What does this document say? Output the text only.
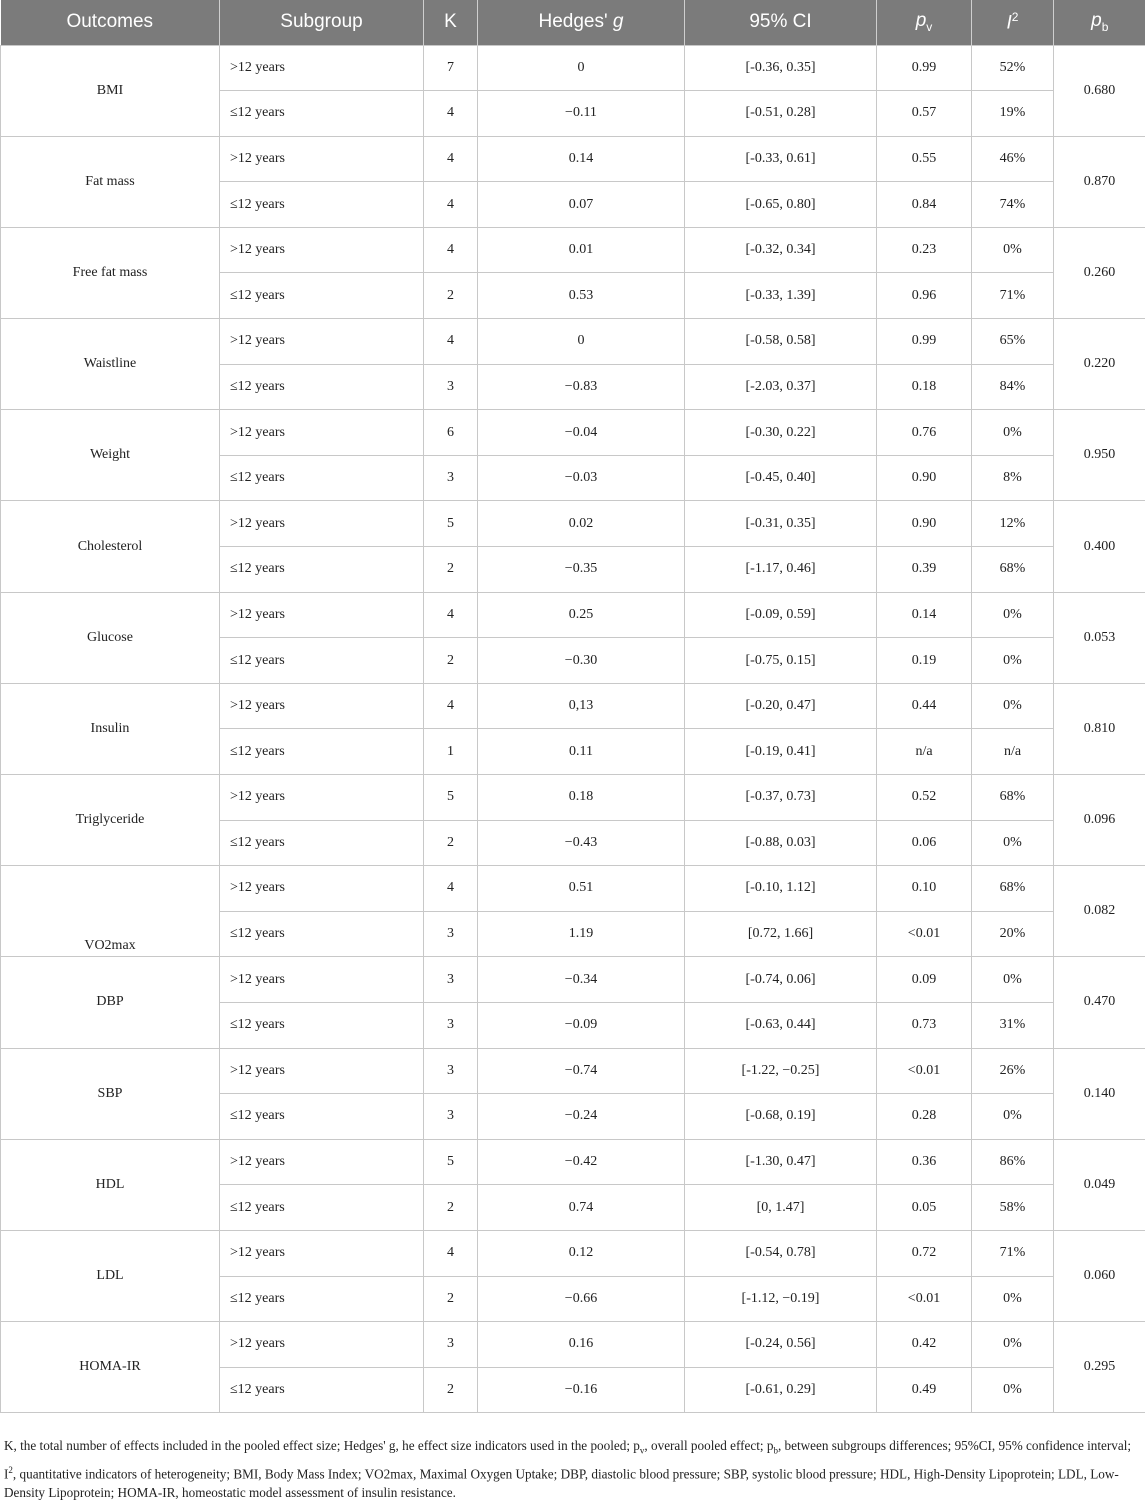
Outcomes	Subgroup	K	Hedges' g	95% CI	$p_v$	$I^2$	$p_b$
BMI	>12 years	7	0	[-0.36, 0.35]	0.99	52%	0.680
	≤12 years	4	−0.11	[-0.51, 0.28]	0.57	19%	
Fat mass	>12 years	4	0.14	[-0.33, 0.61]	0.55	46%	0.870
	≤12 years	4	0.07	[-0.65, 0.80]	0.84	74%	
Free fat mass	>12 years	4	0.01	[-0.32, 0.34]	0.23	0%	0.260
	≤12 years	2	0.53	[-0.33, 1.39]	0.96	71%	
Waistline	>12 years	4	0	[-0.58, 0.58]	0.99	65%	0.220
	≤12 years	3	−0.83	[-2.03, 0.37]	0.18	84%	
Weight	>12 years	6	−0.04	[-0.30, 0.22]	0.76	0%	0.950
	≤12 years	3	−0.03	[-0.45, 0.40]	0.90	8%	
Cholesterol	>12 years	5	0.02	[-0.31, 0.35]	0.90	12%	0.400
	≤12 years	2	−0.35	[-1.17, 0.46]	0.39	68%	
Glucose	>12 years	4	0.25	[-0.09, 0.59]	0.14	0%	0.053
	≤12 years	2	−0.30	[-0.75, 0.15]	0.19	0%	
Insulin	>12 years	4	0,13	[-0.20, 0.47]	0.44	0%	0.810
	≤12 years	1	0.11	[-0.19, 0.41]	n/a	n/a	
Triglyceride	>12 years	5	0.18	[-0.37, 0.73]	0.52	68%	0.096
	≤12 years	2	−0.43	[-0.88, 0.03]	0.06	0%	
VO2max	>12 years	4	0.51	[-0.10, 1.12]	0.10	68%	0.082
	≤12 years	3	1.19	[0.72, 1.66]	<0.01	20%	
DBP	>12 years	3	−0.34	[-0.74, 0.06]	0.09	0%	0.470
	≤12 years	3	−0.09	[-0.63, 0.44]	0.73	31%	
SBP	>12 years	3	−0.74	[-1.22, −0.25]	<0.01	26%	0.140
	≤12 years	3	−0.24	[-0.68, 0.19]	0.28	0%	
HDL	>12 years	5	−0.42	[-1.30, 0.47]	0.36	86%	0.049
	≤12 years	2	0.74	[0, 1.47]	0.05	58%	
LDL	>12 years	4	0.12	[-0.54, 0.78]	0.72	71%	0.060
	≤12 years	2	−0.66	[-1.12, −0.19]	<0.01	0%	
HOMA-IR	>12 years	3	0.16	[-0.24, 0.56]	0.42	0%	0.295
	≤12 years	2	−0.16	[-0.61, 0.29]	0.49	0%	
K, the total number of effects included in the pooled effect size; Hedges' g, he effect size indicators used in the pooled; $p_v$, overall pooled effect; $p_b$, between subgroups differences; 95%CI, 95% confidence interval; $I^2$, quantitative indicators of heterogeneity; BMI, Body Mass Index; VO2max, Maximal Oxygen Uptake; DBP, diastolic blood pressure; SBP, systolic blood pressure; HDL, High-Density Lipoprotein; LDL, Low-Density Lipoprotein; HOMA-IR, homeostatic model assessment of insulin resistance.
